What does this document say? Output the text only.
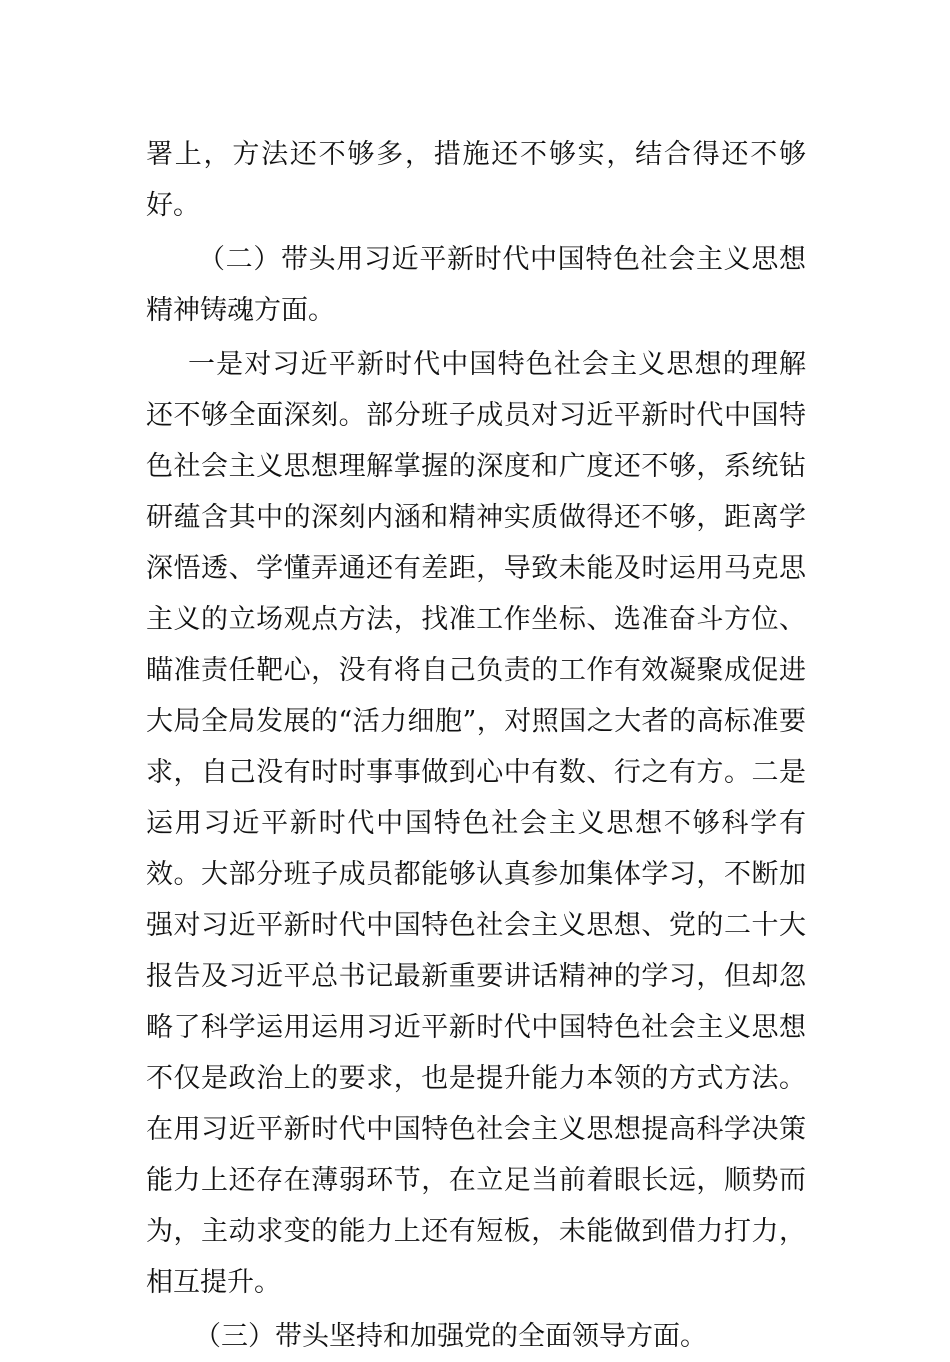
署上，方法还不够多，措施还不够实，结合得还不够好。

（二）带头用习近平新时代中国特色社会主义思想精神铸魂方面。

一是对习近平新时代中国特色社会主义思想的理解还不够全面深刻。部分班子成员对习近平新时代中国特色社会主义思想理解掌握的深度和广度还不够，系统钻研蕴含其中的深刻内涵和精神实质做得还不够，距离学深悟透、学懂弄通还有差距，导致未能及时运用马克思主义的立场观点方法，找准工作坐标、选准奋斗方位、瞄准责任靶心，没有将自己负责的工作有效凝聚成促进大局全局发展的“活力细胞”，对照国之大者的高标准要求，自己没有时时事事做到心中有数、行之有方。二是运用习近平新时代中国特色社会主义思想不够科学有效。大部分班子成员都能够认真参加集体学习，不断加强对习近平新时代中国特色社会主义思想、党的二十大报告及习近平总书记最新重要讲话精神的学习，但却忽略了科学运用运用习近平新时代中国特色社会主义思想不仅是政治上的要求，也是提升能力本领的方式方法。在用习近平新时代中国特色社会主义思想提高科学决策能力上还存在薄弱环节，在立足当前着眼长远，顺势而为，主动求变的能力上还有短板，未能做到借力打力，相互提升。

（三）带头坚持和加强党的全面领导方面。
